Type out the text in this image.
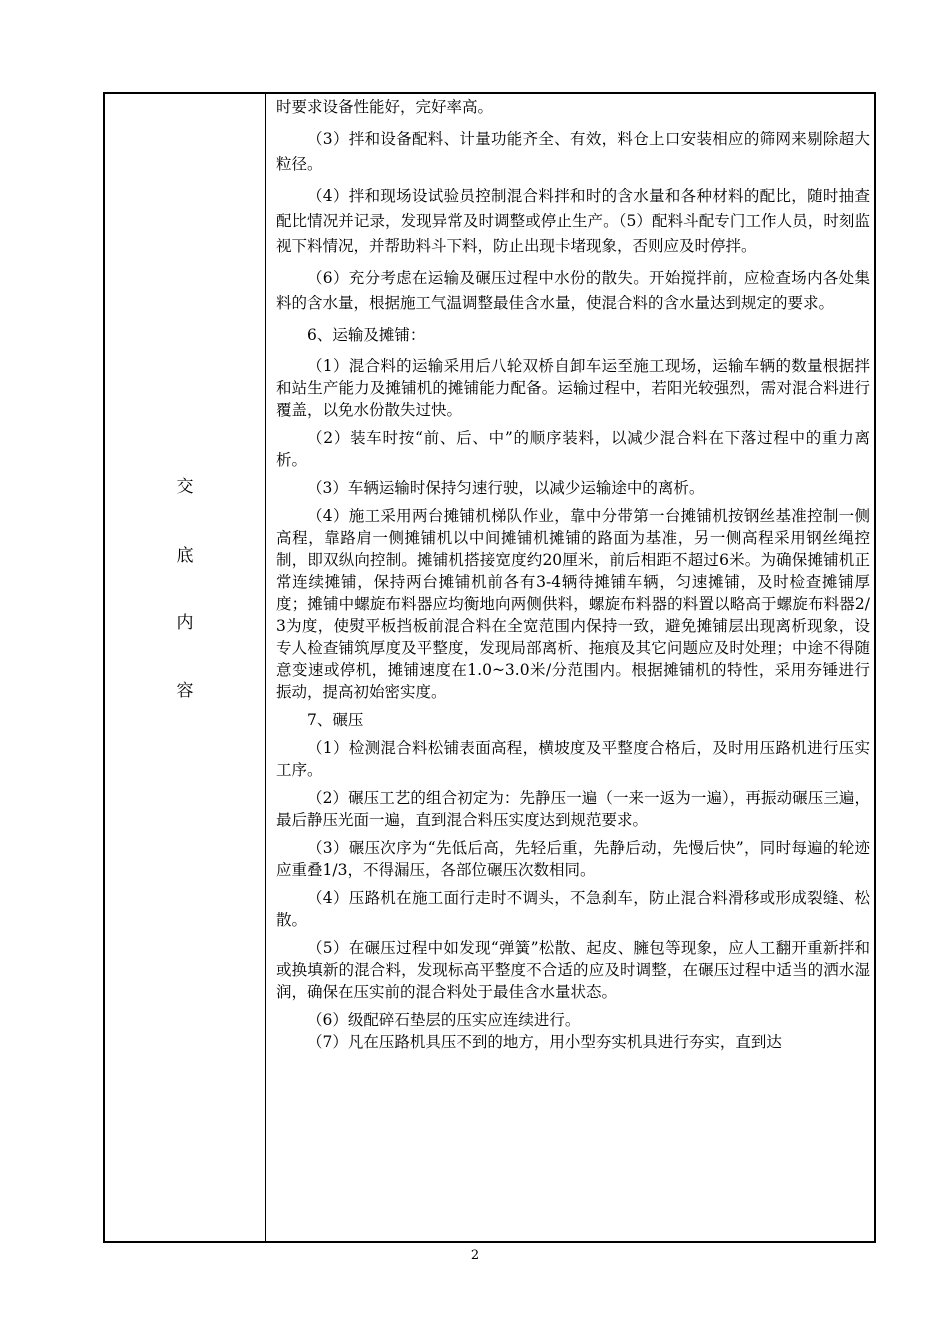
交
底
内
容

时要求设备性能好，完好率高。

（3）拌和设备配料、计量功能齐全、有效，料仓上口安装相应的筛网来剔除超大粒径。

（4）拌和现场设试验员控制混合料拌和时的含水量和各种材料的配比，随时抽查配比情况并记录，发现异常及时调整或停止生产。（5）配料斗配专门工作人员，时刻监视下料情况，并帮助料斗下料，防止出现卡堵现象，否则应及时停拌。

（6）充分考虑在运输及碾压过程中水份的散失。开始搅拌前，应检查场内各处集料的含水量，根据施工气温调整最佳含水量，使混合料的含水量达到规定的要求。

6、运输及摊铺：

（1）混合料的运输采用后八轮双桥自卸车运至施工现场，运输车辆的数量根据拌和站生产能力及摊铺机的摊铺能力配备。运输过程中，若阳光较强烈，需对混合料进行覆盖，以免水份散失过快。

（2）装车时按“前、后、中”的顺序装料，以减少混合料在下落过程中的重力离析。

（3）车辆运输时保持匀速行驶，以减少运输途中的离析。

（4）施工采用两台摊铺机梯队作业，靠中分带第一台摊铺机按钢丝基准控制一侧高程，靠路肩一侧摊铺机以中间摊铺机摊铺的路面为基准，另一侧高程采用钢丝绳控制，即双纵向控制。摊铺机搭接宽度约20厘米，前后相距不超过6米。为确保摊铺机正常连续摊铺，保持两台摊铺机前各有3-4辆待摊铺车辆，匀速摊铺，及时检查摊铺厚度；摊铺中螺旋布料器应均衡地向两侧供料，螺旋布料器的料置以略高于螺旋布料器2/3为度，使熨平板挡板前混合料在全宽范围内保持一致，避免摊铺层出现离析现象，设专人检查铺筑厚度及平整度，发现局部离析、拖痕及其它问题应及时处理；中途不得随意变速或停机，摊铺速度在1.0~3.0米/分范围内。根据摊铺机的特性，采用夯锤进行振动，提高初始密实度。

7、碾压

（1）检测混合料松铺表面高程，横坡度及平整度合格后，及时用压路机进行压实工序。

（2）碾压工艺的组合初定为：先静压一遍（一来一返为一遍），再振动碾压三遍，最后静压光面一遍，直到混合料压实度达到规范要求。

（3）碾压次序为“先低后高，先轻后重，先静后动，先慢后快”，同时每遍的轮迹应重叠1/3，不得漏压，各部位碾压次数相同。

（4）压路机在施工面行走时不调头，不急刹车，防止混合料滑移或形成裂缝、松散。

（5）在碾压过程中如发现“弹簧”松散、起皮、臃包等现象，应人工翻开重新拌和或换填新的混合料，发现标高平整度不合适的应及时调整，在碾压过程中适当的洒水湿润，确保在压实前的混合料处于最佳含水量状态。

（6）级配碎石垫层的压实应连续进行。

（7）凡在压路机具压不到的地方，用小型夯实机具进行夯实，直到达

2
